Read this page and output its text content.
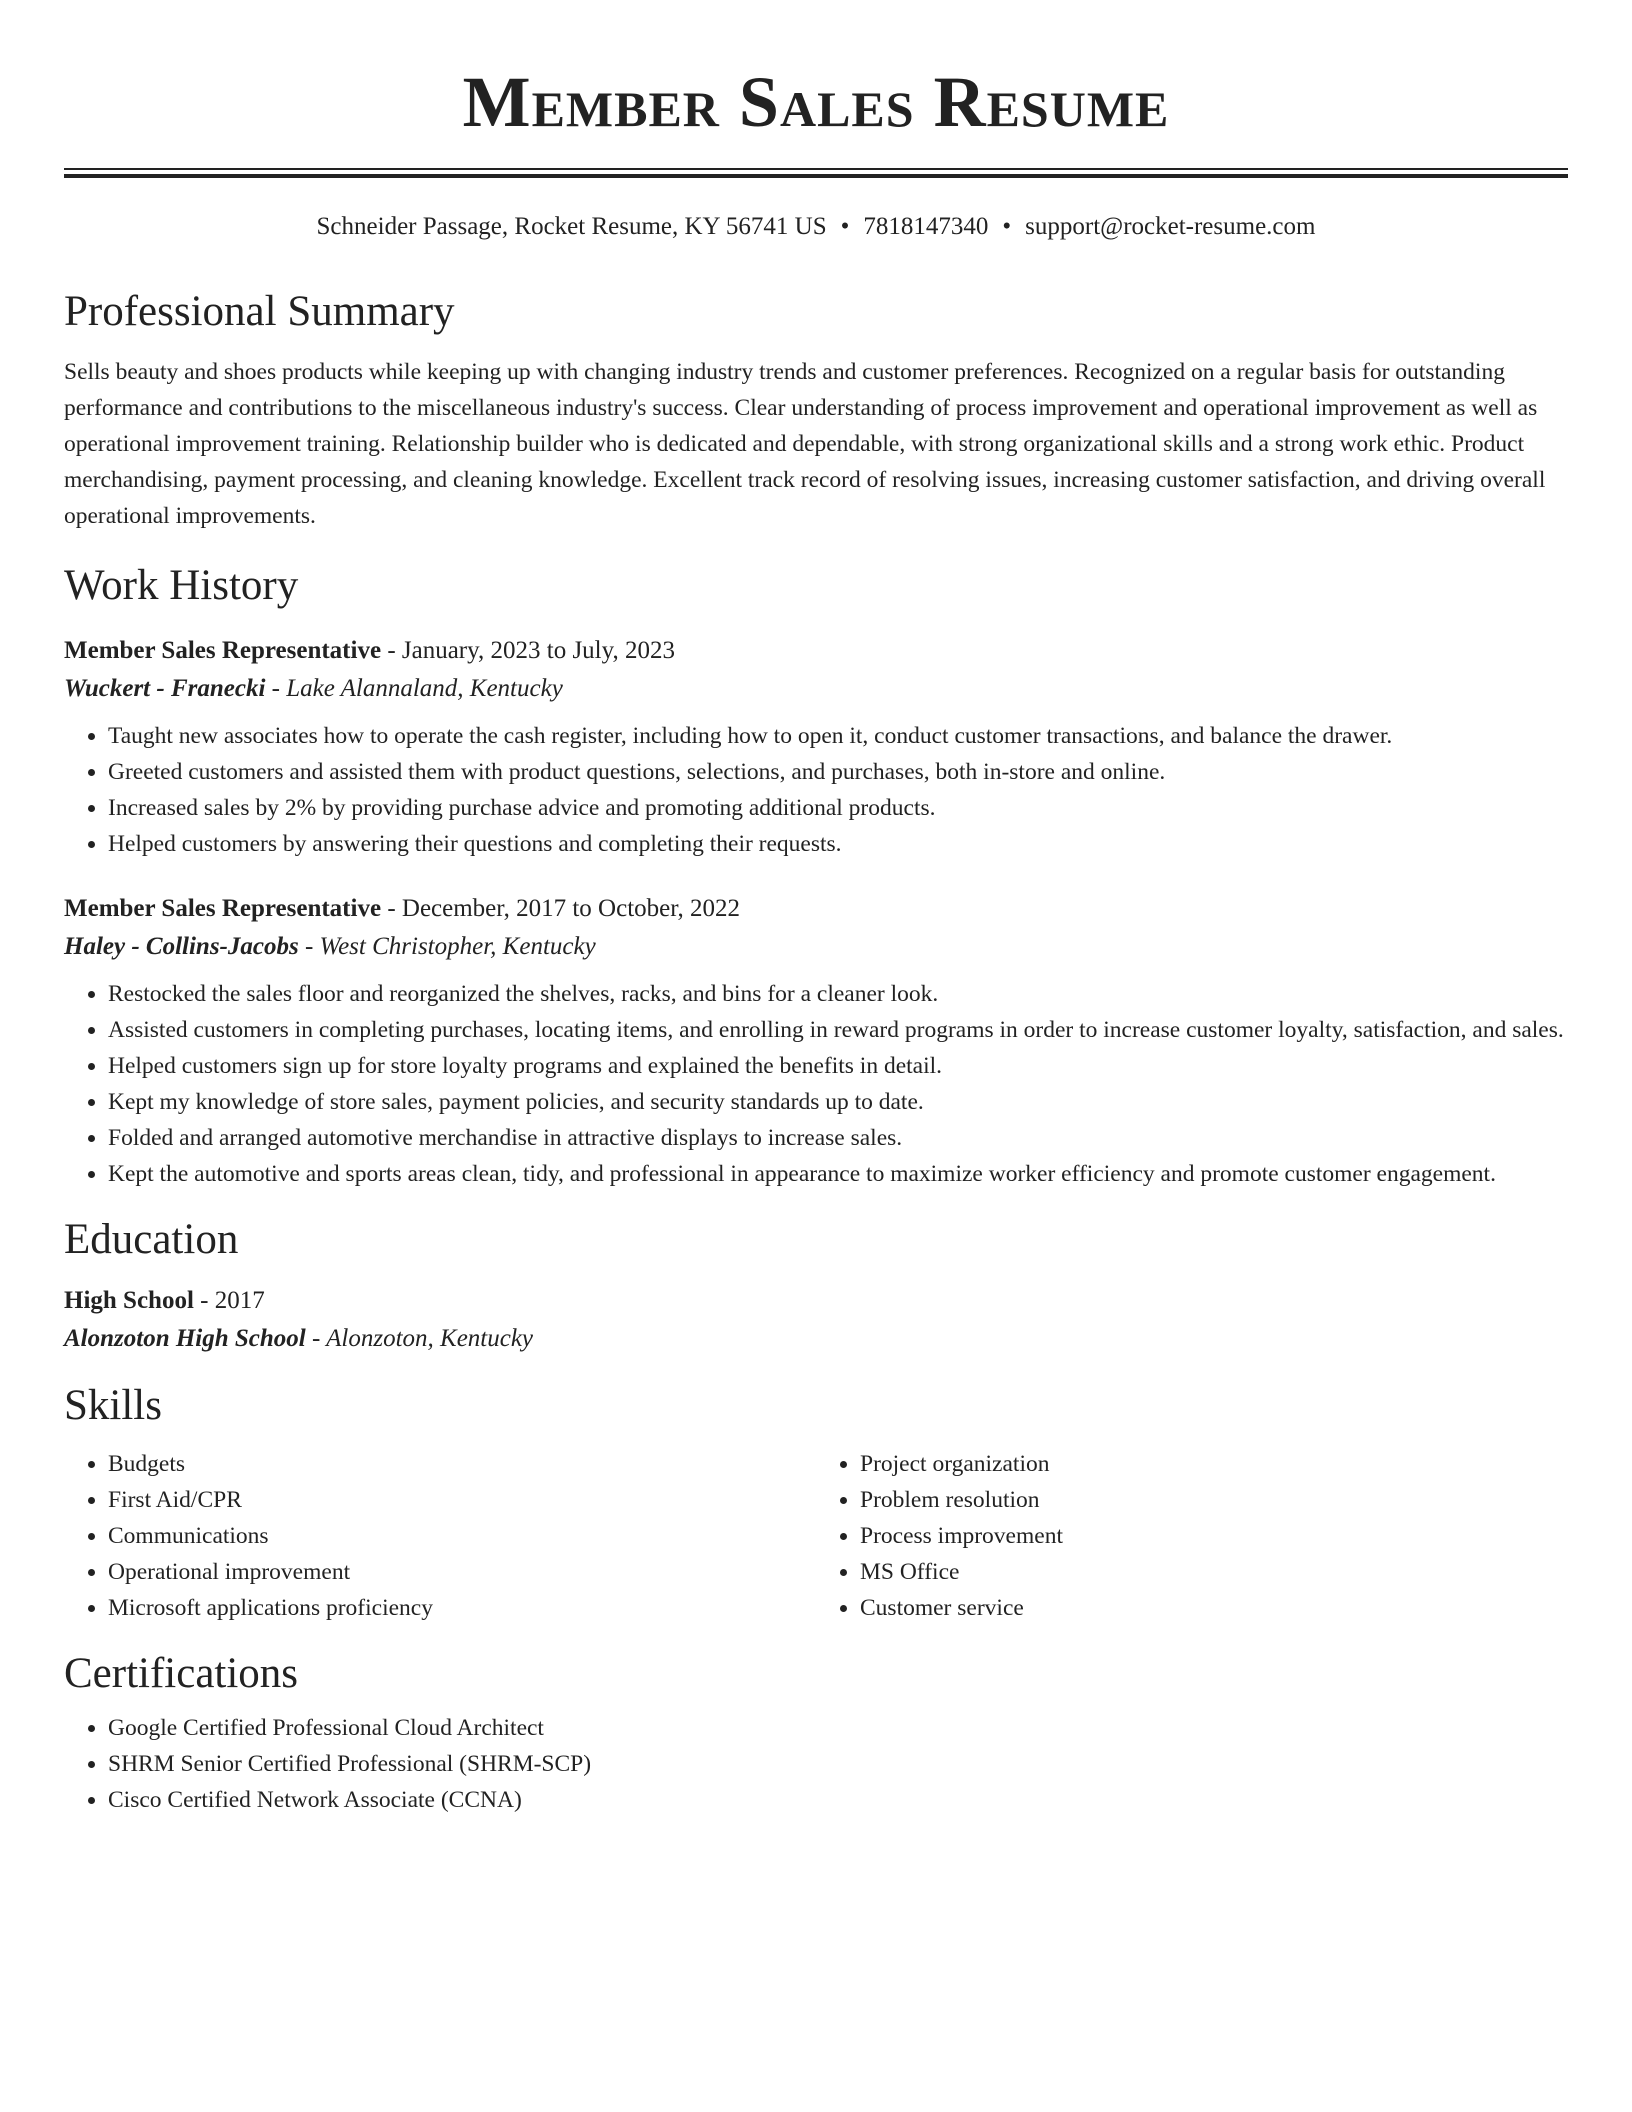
Member Sales Resume
Schneider Passage, Rocket Resume, KY 56741 US • 7818147340 • support@rocket-resume.com
Professional Summary

Sells beauty and shoes products while keeping up with changing industry trends and customer preferences. Recognized on a regular basis for outstanding performance and contributions to the miscellaneous industry's success. Clear understanding of process improvement and operational improvement as well as operational improvement training. Relationship builder who is dedicated and dependable, with strong organizational skills and a strong work ethic. Product merchandising, payment processing, and cleaning knowledge. Excellent track record of resolving issues, increasing customer satisfaction, and driving overall operational improvements.

Work History
Member Sales Representative - January, 2023 to July, 2023
Wuckert - Franecki - Lake Alannaland, Kentucky
• Taught new associates how to operate the cash register, including how to open it, conduct customer transactions, and balance the drawer.
• Greeted customers and assisted them with product questions, selections, and purchases, both in-store and online.
• Increased sales by 2% by providing purchase advice and promoting additional products.
• Helped customers by answering their questions and completing their requests.
Member Sales Representative - December, 2017 to October, 2022
Haley - Collins-Jacobs - West Christopher, Kentucky
• Restocked the sales floor and reorganized the shelves, racks, and bins for a cleaner look.
• Assisted customers in completing purchases, locating items, and enrolling in reward programs in order to increase customer loyalty, satisfaction, and sales.
• Helped customers sign up for store loyalty programs and explained the benefits in detail.
• Kept my knowledge of store sales, payment policies, and security standards up to date.
• Folded and arranged automotive merchandise in attractive displays to increase sales.
• Kept the automotive and sports areas clean, tidy, and professional in appearance to maximize worker efficiency and promote customer engagement.
Education
High School - 2017
Alonzoton High School - Alonzoton, Kentucky
Skills
• Budgets
• First Aid/CPR
• Communications
• Operational improvement
• Microsoft applications proficiency
• Project organization
• Problem resolution
• Process improvement
• MS Office
• Customer service
Certifications
• Google Certified Professional Cloud Architect
• SHRM Senior Certified Professional (SHRM-SCP)
• Cisco Certified Network Associate (CCNA)
